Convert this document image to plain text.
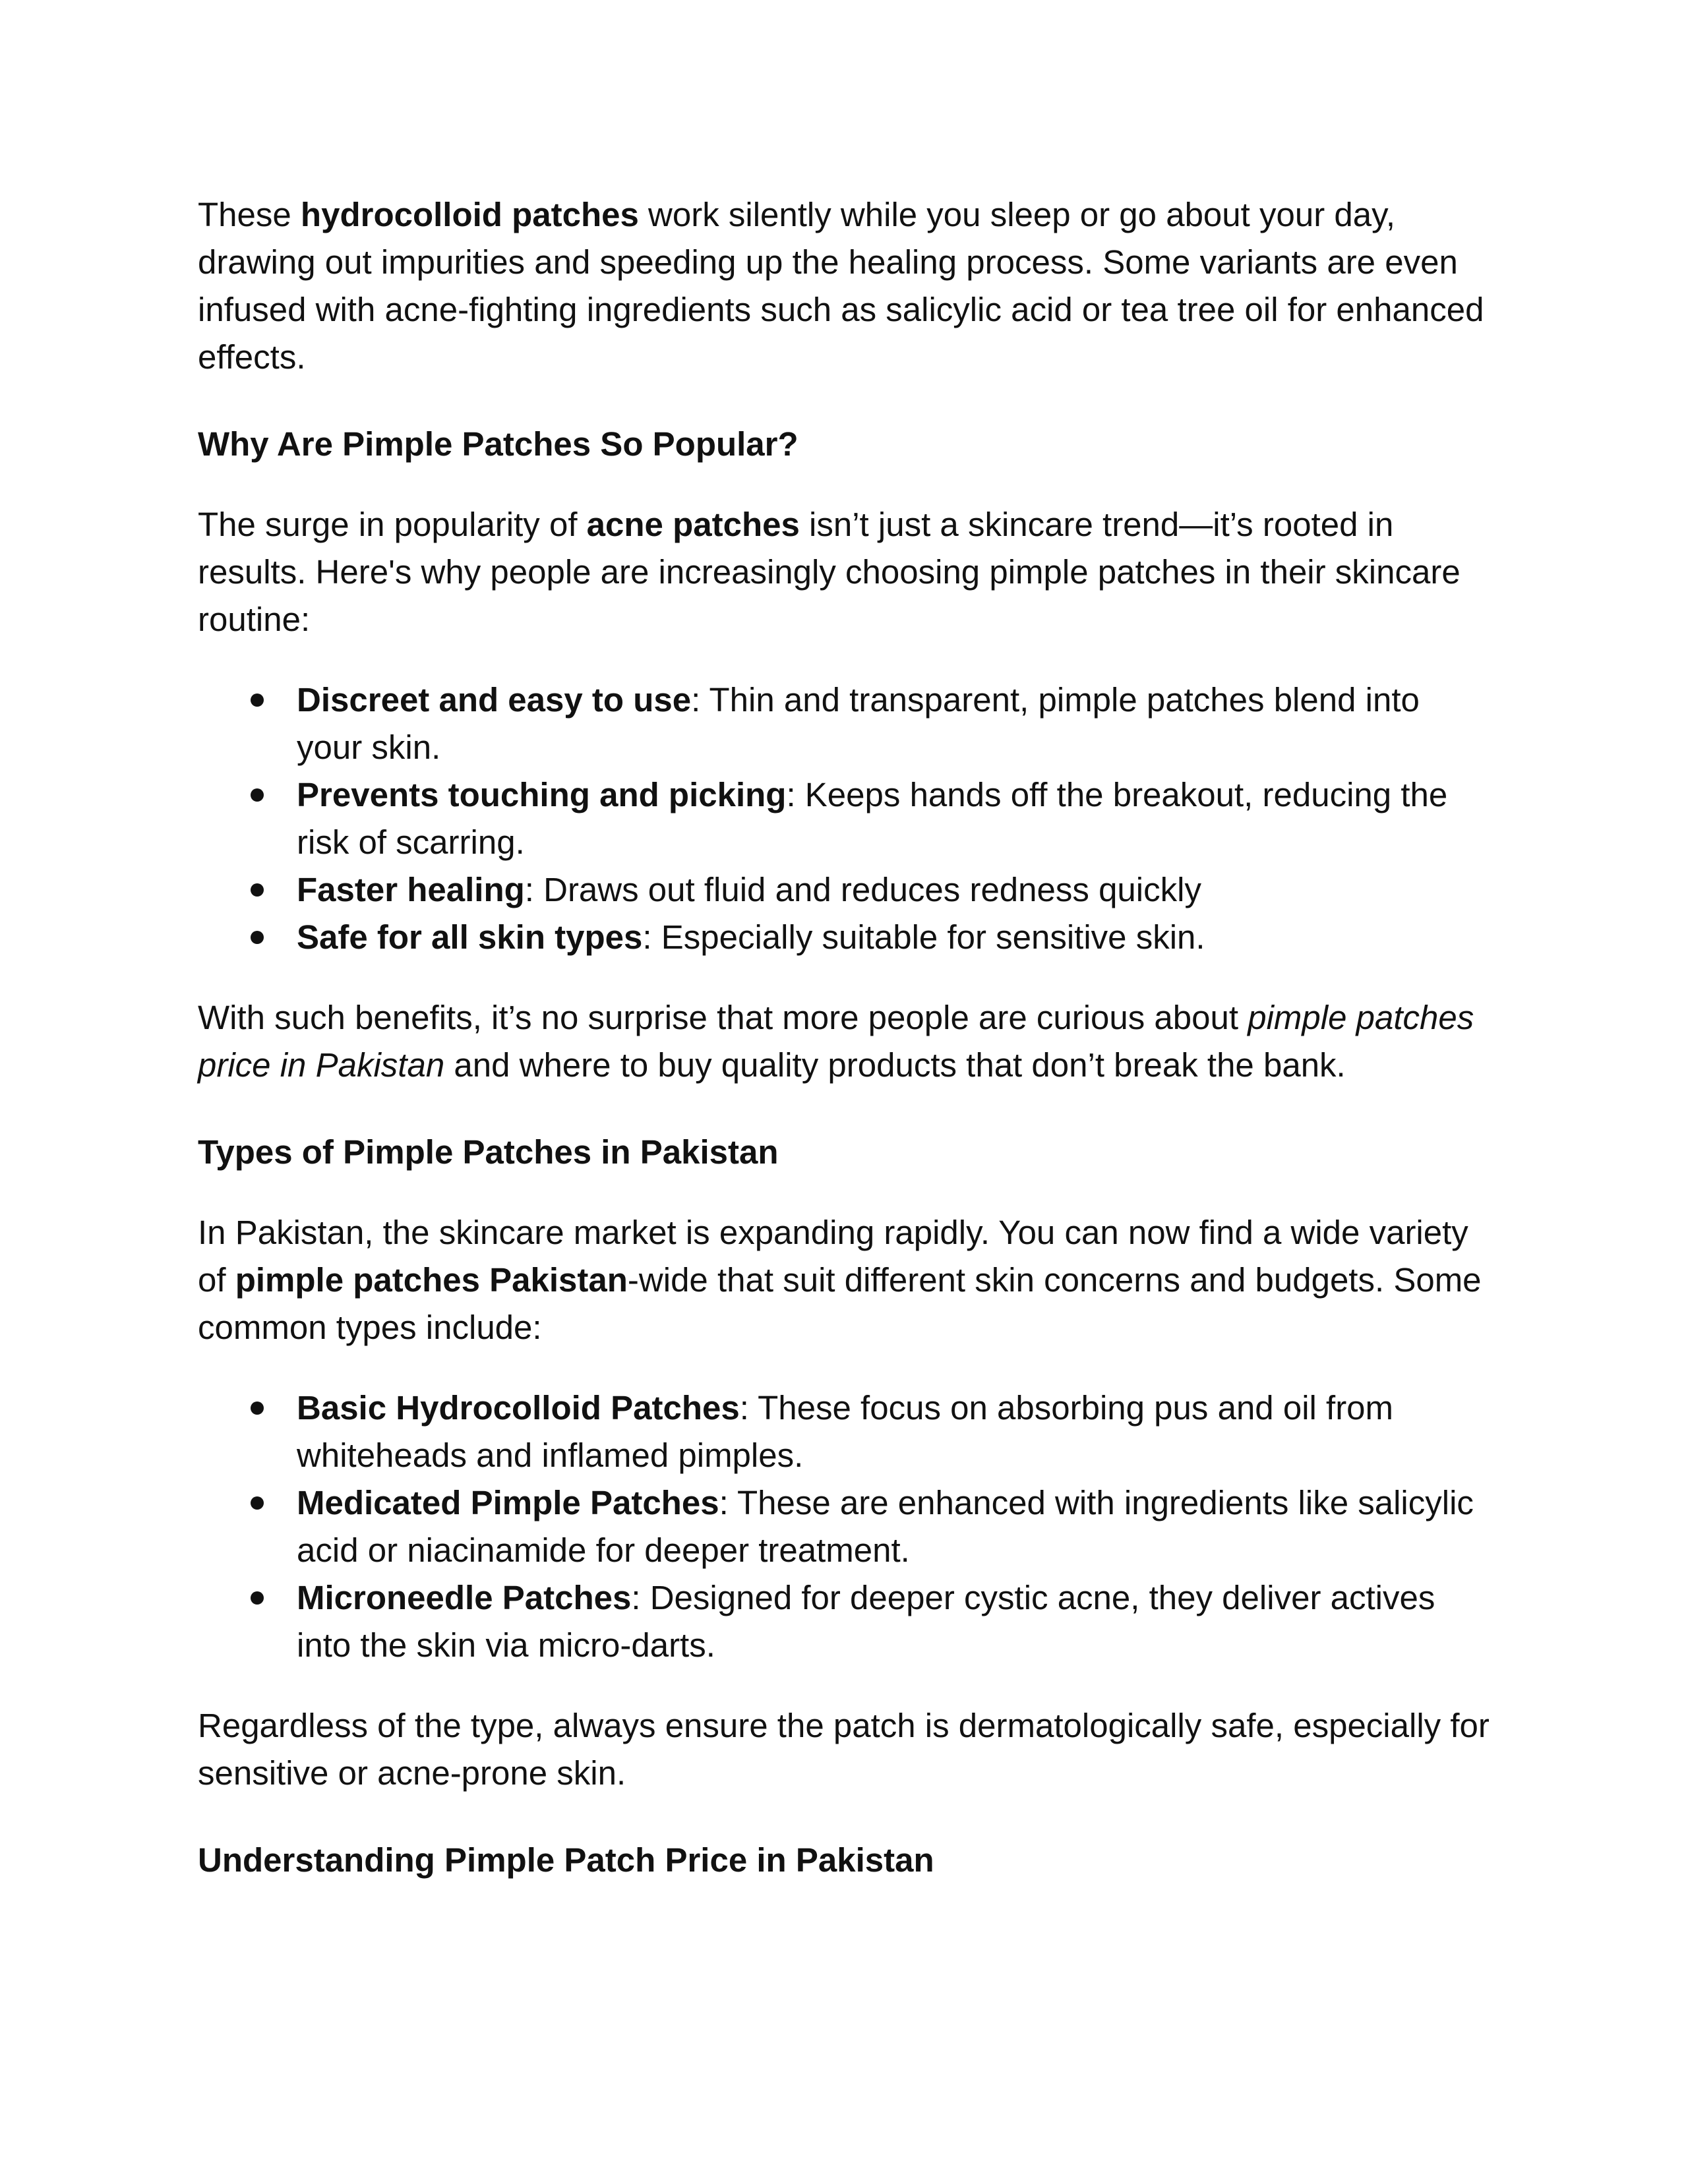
These hydrocolloid patches work silently while you sleep or go about your day, drawing out impurities and speeding up the healing process. Some variants are even infused with acne-fighting ingredients such as salicylic acid or tea tree oil for enhanced effects.

Why Are Pimple Patches So Popular?

The surge in popularity of acne patches isn’t just a skincare trend—it’s rooted in results. Here's why people are increasingly choosing pimple patches in their skincare routine:

Discreet and easy to use: Thin and transparent, pimple patches blend into your skin.
Prevents touching and picking: Keeps hands off the breakout, reducing the risk of scarring.
Faster healing: Draws out fluid and reduces redness quickly
Safe for all skin types: Especially suitable for sensitive skin.

With such benefits, it’s no surprise that more people are curious about pimple patches price in Pakistan and where to buy quality products that don’t break the bank.

Types of Pimple Patches in Pakistan

In Pakistan, the skincare market is expanding rapidly. You can now find a wide variety of pimple patches Pakistan-wide that suit different skin concerns and budgets. Some common types include:

Basic Hydrocolloid Patches: These focus on absorbing pus and oil from whiteheads and inflamed pimples.
Medicated Pimple Patches: These are enhanced with ingredients like salicylic acid or niacinamide for deeper treatment.
Microneedle Patches: Designed for deeper cystic acne, they deliver actives into the skin via micro-darts.

Regardless of the type, always ensure the patch is dermatologically safe, especially for sensitive or acne-prone skin.

Understanding Pimple Patch Price in Pakistan
